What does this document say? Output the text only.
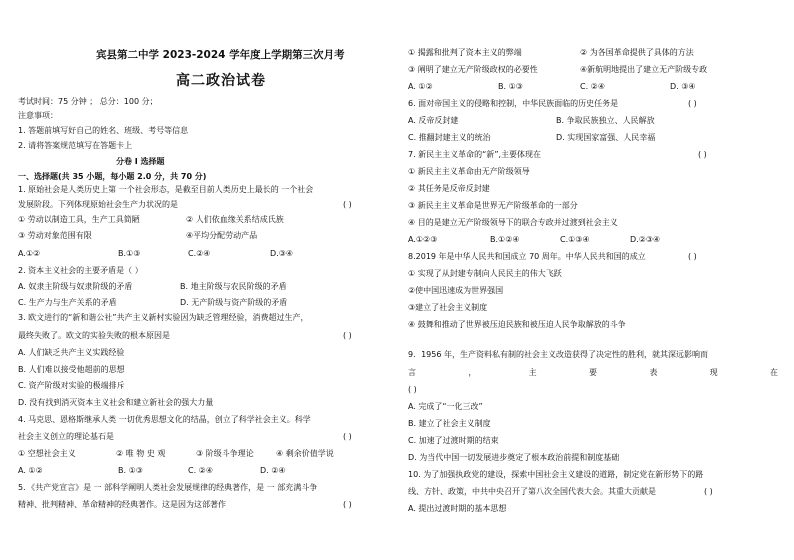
宾县第二中学 2023-2024 学年度上学期第三次月考
高二政治试卷
考试时间：75 分钟 ； 总分：100 分；
注意事项：
1. 答题前填写好自己的姓名、班级、考号等信息
2. 请将答案规范填写在答题卡上
分卷 I 选择题
一、选择题(共 35 小题，每小题 2.0 分，共 70 分)
1. 原始社会是人类历史上第 一个社会形态，是截至目前人类历史上最长的 一个社会
发展阶段。下列体现原始社会生产力状况的是	( )
① 劳动以制造工具，生产工具简陋	② 人们依血缘关系结成氏族
③ 劳动对象范围有限	④平均分配劳动产品
A.①②	B.①③	C.②④	D.③④
2. 资本主义社会的主要矛盾是（ ）
A. 奴隶主阶级与奴隶阶级的矛盾	B. 地主阶级与农民阶级的矛盾
C. 生产力与生产关系的矛盾	D. 无产阶级与资产阶级的矛盾
3. 欧文进行的“新和谐公社”共产主义新村实验因为缺乏管理经验，消费超过生产，
最终失败了。欧文的实验失败的根本原因是	( )
A. 人们缺乏共产主义实践经验
B. 人们难以接受他超前的思想
C. 资产阶级对实验的极端排斥
D. 没有找到消灭资本主义社会和建立新社会的强大力量
4. 马克思、恩格斯继承人类 一切优秀思想文化的结晶，创立了科学社会主义。科学
社会主义创立的理论基石是	( )
① 空想社会主义	② 唯 物 史 观	③ 阶级斗争理论	④ 剩余价值学说
A. ①②	B. ①③	C. ②④	D. ②④
5．《共产党宣言》是 一 部科学阐明人类社会发展规律的经典著作，是 一 部充满斗争
精神、批判精神、革命精神的经典著作。这是因为这部著作	( )
① 揭露和批判了资本主义的弊端	② 为各国革命提供了具体的方法
③ 阐明了建立无产阶级政权的必要性	④新航明地提出了建立无产阶级专政
A. ①②	B. ①③	C. ②④	D. ③④
6. 面对帝国主义的侵略和控制，中华民族面临的历史任务是	( )
A. 反帝反封建	B. 争取民族独立、人民解放
C. 推翻封建主义的统治	D. 实现国家富强、人民幸福
7. 新民主主义革命的“新”,主要体现在	( )
① 新民主主义革命由无产阶级领导
② 其任务是反帝反封建
③ 新民主主义革命是世界无产阶级革命的一部分
④ 目的是建立无产阶级领导下的联合专政并过渡到社会主义
A.①②③	B.①②④	C.①③④	D.②③④
8.2019 年是中华人民共和国成立 70 周年。中华人民共和国的成立	( )
① 实现了从封建专制向人民民主的伟大飞跃
②使中国迅速成为世界强国
③建立了社会主义制度
④ 鼓舞和推动了世界被压迫民族和被压迫人民争取解放的斗争
9．1956 年，生产资料私有制的社会主义改造获得了决定性的胜利，就其深远影响而
言	，	主	要	表	现	在
( )
A. 完成了“一化三改”
B. 建立了社会主义制度
C. 加速了过渡时期的结束
D. 为当代中国一切发展进步奠定了根本政治前提和制度基础
10. 为了加强执政党的建设，探索中国社会主义建设的道路，制定党在新形势下的路
线、方针、政策，中共中央召开了第八次全国代表大会。其重大贡献是	( )
A. 提出过渡时期的基本思想
